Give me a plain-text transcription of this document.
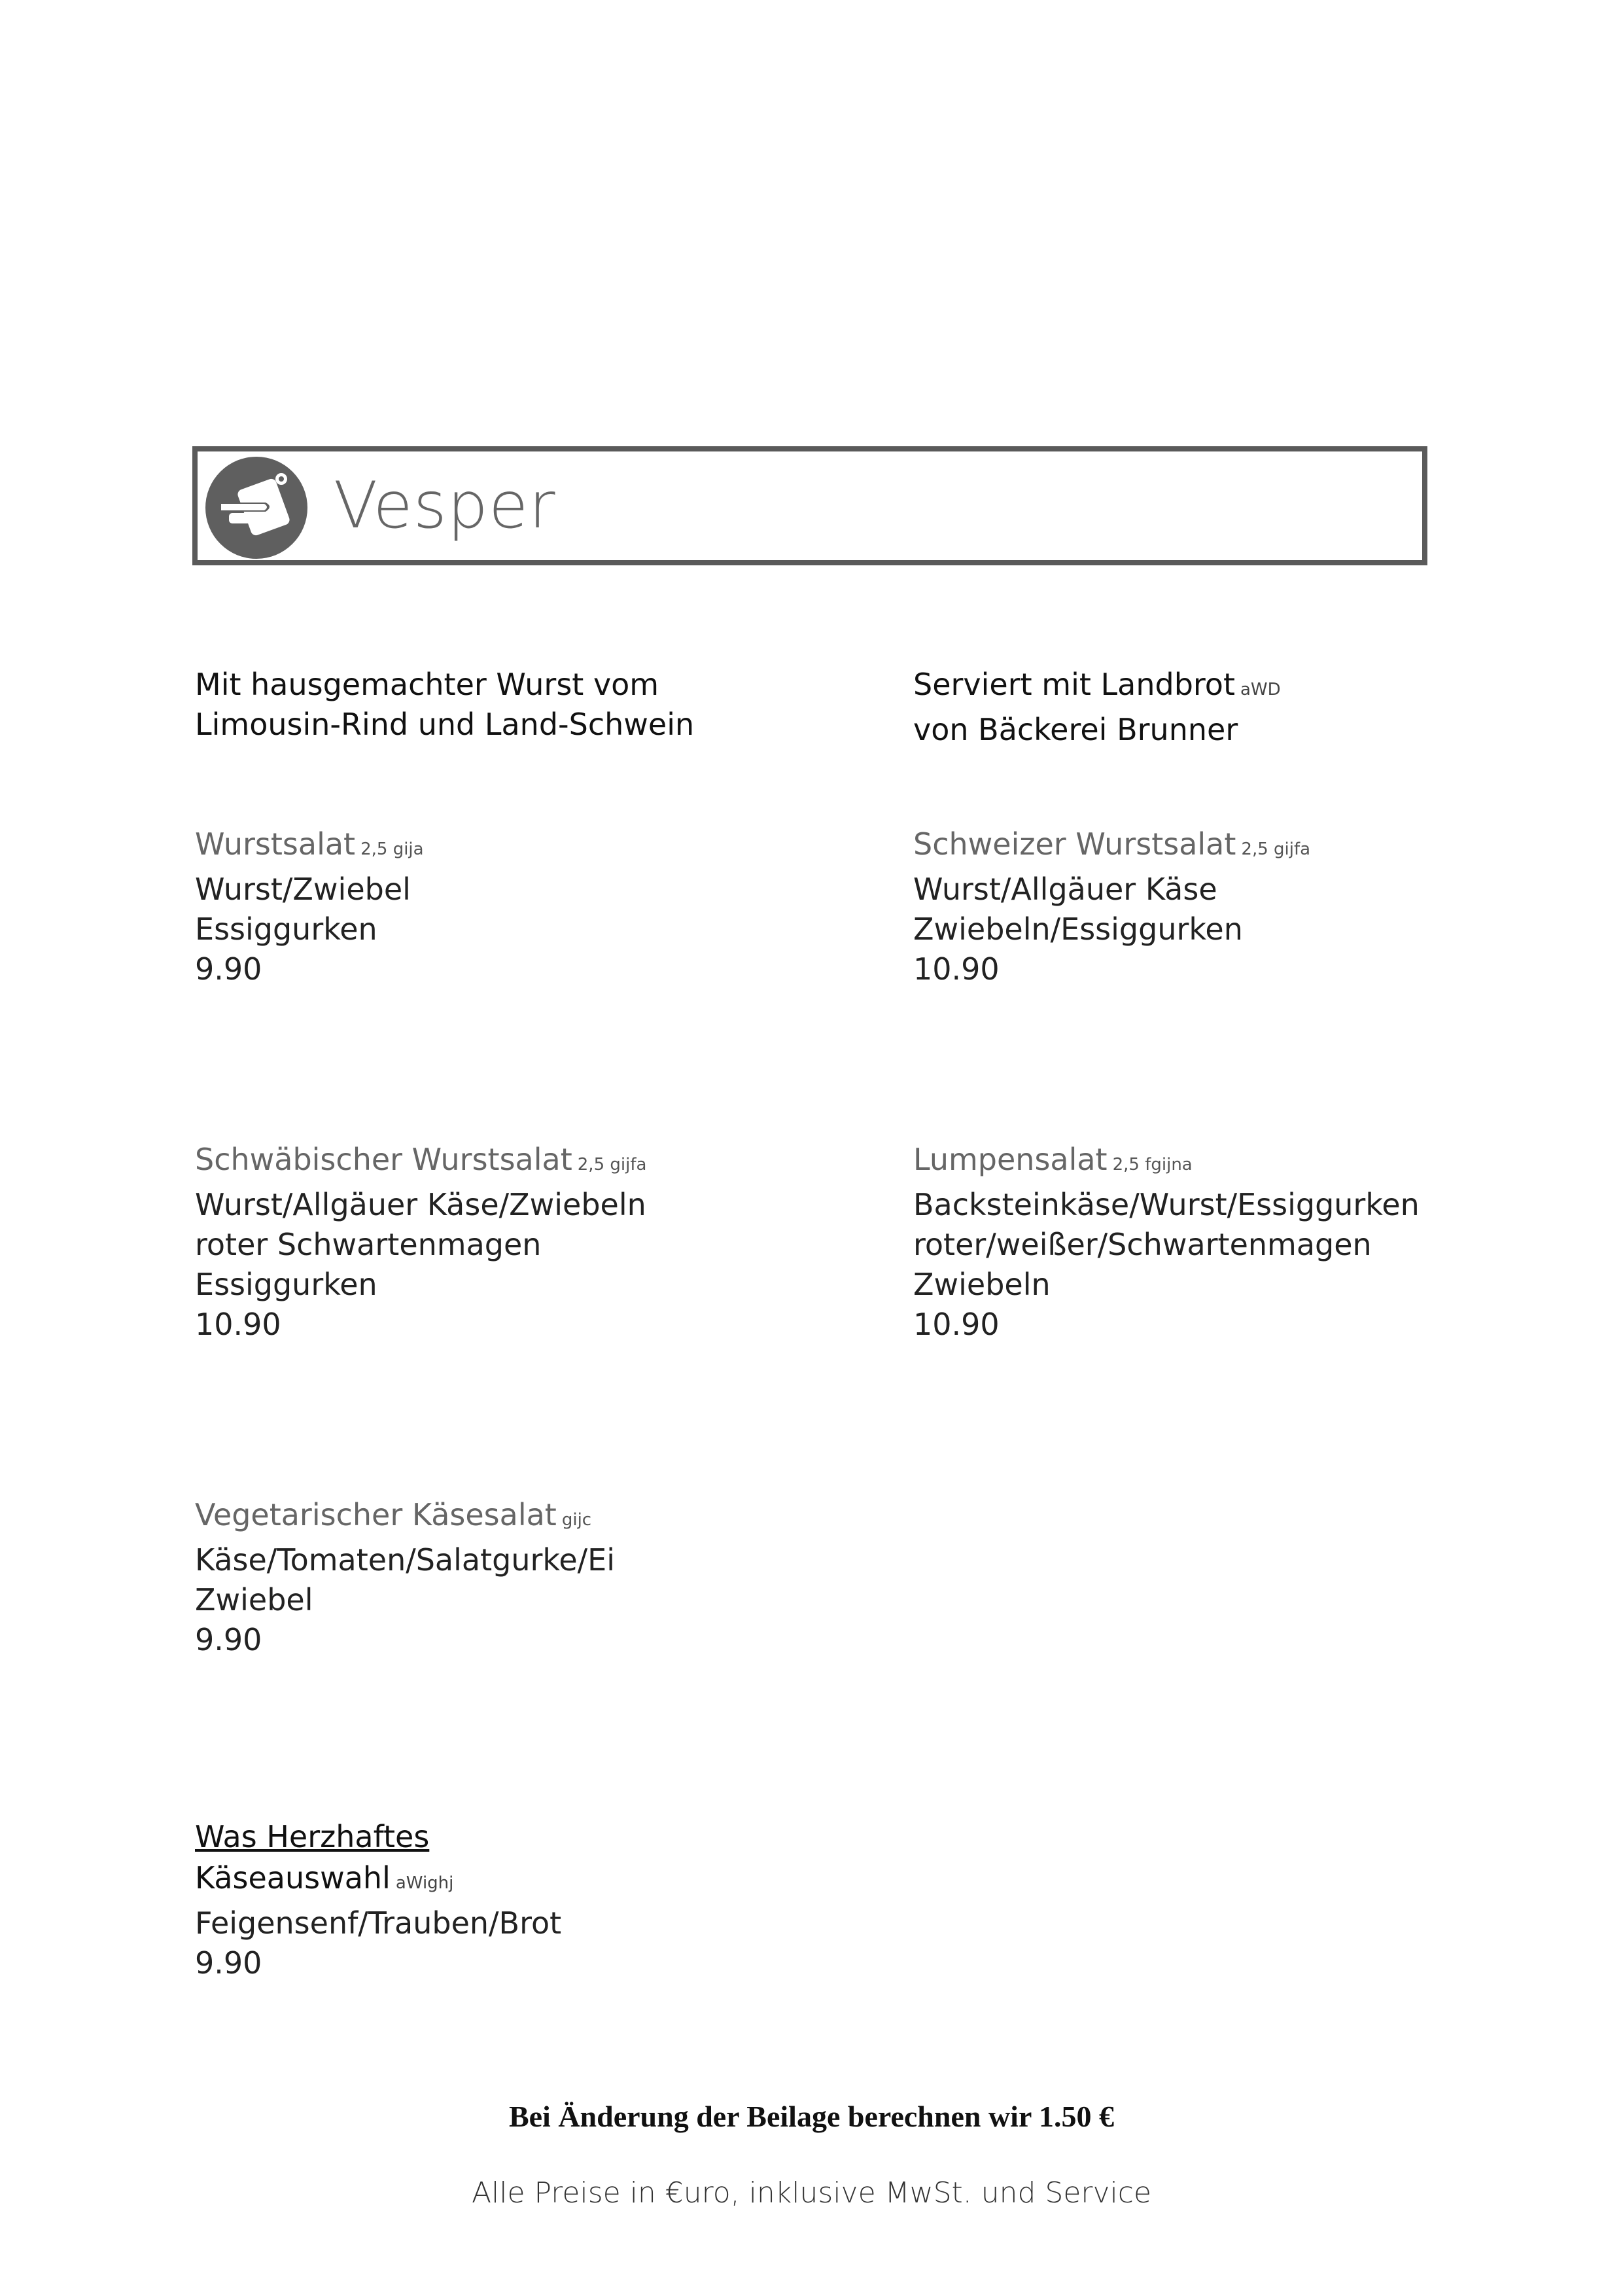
Vesper
Mit hausgemachter Wurst vom
Limousin-Rind und Land-Schwein
Serviert mit Landbrot aWD
von Bäckerei Brunner
Wurstsalat 2,5 gija
Wurst/Zwiebel
Essiggurken
9.90
Schweizer Wurstsalat 2,5 gijfa
Wurst/Allgäuer Käse
Zwiebeln/Essiggurken
10.90
Schwäbischer Wurstsalat 2,5 gijfa
Wurst/Allgäuer Käse/Zwiebeln
roter Schwartenmagen
Essiggurken
10.90
Lumpensalat 2,5 fgijna
Backsteinkäse/Wurst/Essiggurken
roter/weißer/Schwartenmagen
Zwiebeln
10.90
Vegetarischer Käsesalat gijc
Käse/Tomaten/Salatgurke/Ei
Zwiebel
9.90
Was Herzhaftes
Käseauswahl aWighj
Feigensenf/Trauben/Brot
9.90
Bei Änderung der Beilage berechnen wir 1.50 €
Alle Preise in €uro, inklusive MwSt. und Service
